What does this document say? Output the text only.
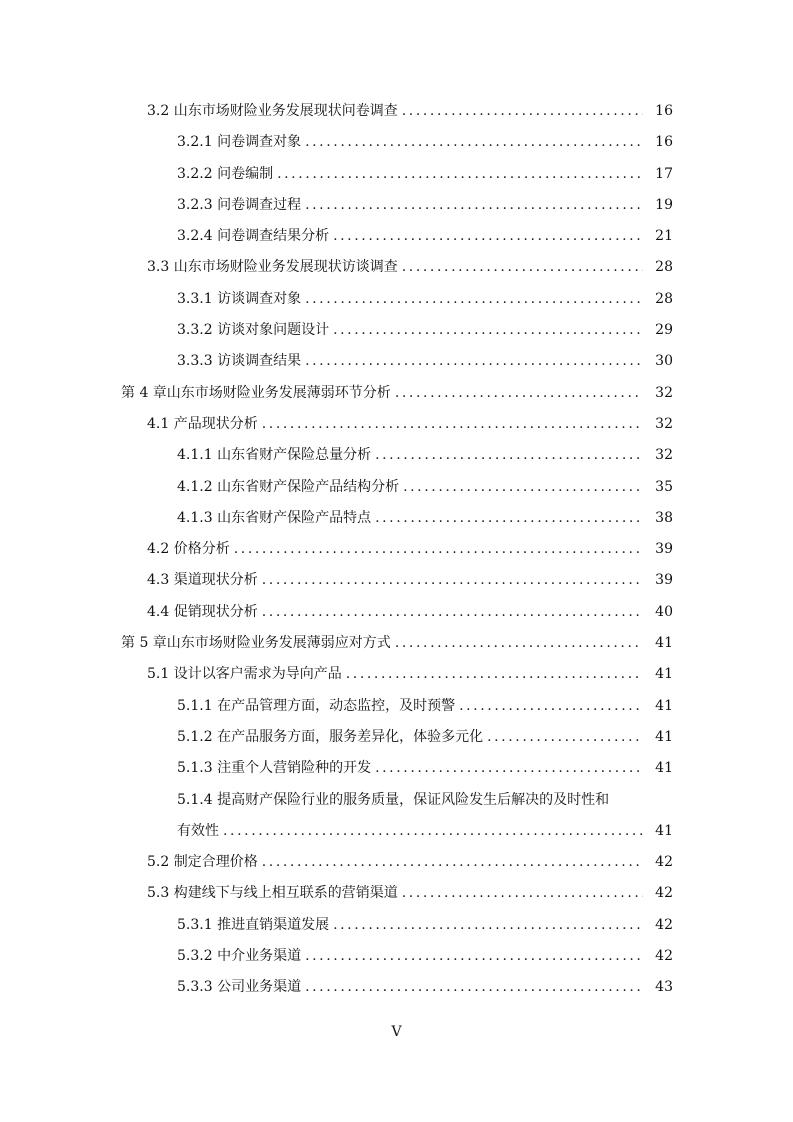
3.2 山东市场财险业务发展现状问卷调查 .....	16
3.2.1 问卷调查对象 .....	16
3.2.2 问卷编制 .....	17
3.2.3 问卷调查过程 .....	19
3.2.4 问卷调查结果分析 .....	21
3.3 山东市场财险业务发展现状访谈调查 .....	28
3.3.1 访谈调查对象 .....	28
3.3.2 访谈对象问题设计 .....	29
3.3.3 访谈调查结果 .....	30
第 4 章山东市场财险业务发展薄弱环节分析 .....	32
4.1 产品现状分析 .....	32
4.1.1 山东省财产保险总量分析 .....	32
4.1.2 山东省财产保险产品结构分析 .....	35
4.1.3 山东省财产保险产品特点 .....	38
4.2 价格分析 .....	39
4.3 渠道现状分析 .....	39
4.4 促销现状分析 .....	40
第 5 章山东市场财险业务发展薄弱应对方式 .....	41
5.1 设计以客户需求为导向产品 .....	41
5.1.1 在产品管理方面，动态监控，及时预警 .....	41
5.1.2 在产品服务方面，服务差异化，体验多元化 .....	41
5.1.3 注重个人营销险种的开发 .....	41
5.1.4 提高财产保险行业的服务质量，保证风险发生后解决的及时性和
有效性 .....	41
5.2 制定合理价格 .....	42
5.3 构建线下与线上相互联系的营销渠道 .....	42
5.3.1 推进直销渠道发展 .....	42
5.3.2 中介业务渠道 .....	42
5.3.3 公司业务渠道 .....	43
V
